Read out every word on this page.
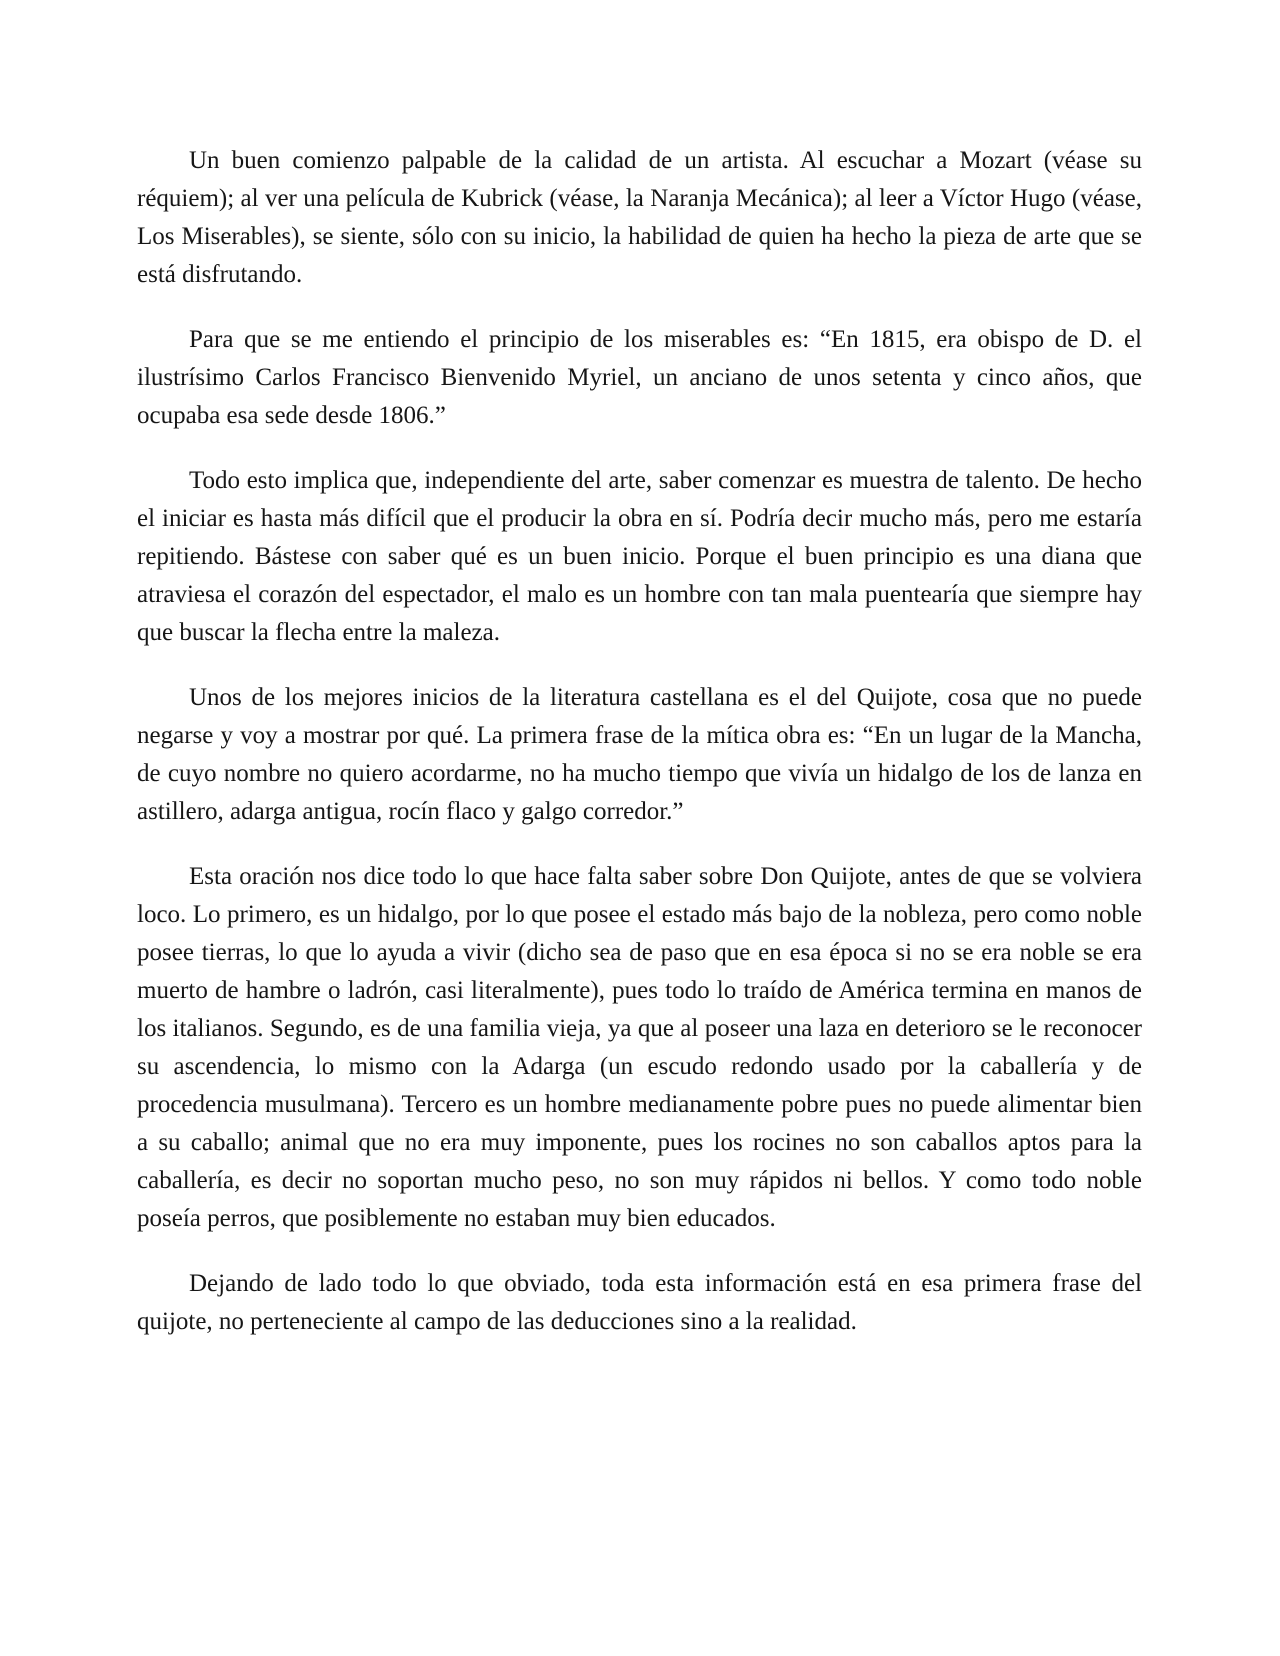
Un buen comienzo palpable de la calidad de un artista. Al escuchar a Mozart (véase su réquiem); al ver una película de Kubrick (véase, la Naranja Mecánica); al leer a Víctor Hugo (véase, Los Miserables), se siente, sólo con su inicio, la habilidad de quien ha hecho la pieza de arte que se está disfrutando.

Para que se me entiendo el principio de los miserables es: “En 1815, era obispo de D. el ilustrísimo Carlos Francisco Bienvenido Myriel, un anciano de unos setenta y cinco años, que ocupaba esa sede desde 1806.”

Todo esto implica que, independiente del arte, saber comenzar es muestra de talento. De hecho el iniciar es hasta más difícil que el producir la obra en sí. Podría decir mucho más, pero me estaría repitiendo. Bástese con saber qué es un buen inicio. Porque el buen principio es una diana que atraviesa el corazón del espectador, el malo es un hombre con tan mala puentearía que siempre hay que buscar la flecha entre la maleza.

Unos de los mejores inicios de la literatura castellana es el del Quijote, cosa que no puede negarse y voy a mostrar por qué. La primera frase de la mítica obra es: “En un lugar de la Mancha, de cuyo nombre no quiero acordarme, no ha mucho tiempo que vivía un hidalgo de los de lanza en astillero, adarga antigua, rocín flaco y galgo corredor.”

Esta oración nos dice todo lo que hace falta saber sobre Don Quijote, antes de que se volviera loco. Lo primero, es un hidalgo, por lo que posee el estado más bajo de la nobleza, pero como noble posee tierras, lo que lo ayuda a vivir (dicho sea de paso que en esa época si no se era noble se era muerto de hambre o ladrón, casi literalmente), pues todo lo traído de América termina en manos de los italianos. Segundo, es de una familia vieja, ya que al poseer una laza en deterioro se le reconocer su ascendencia, lo mismo con la Adarga (un escudo redondo usado por la caballería y de procedencia musulmana). Tercero es un hombre medianamente pobre pues no puede alimentar bien a su caballo; animal que no era muy imponente, pues los rocines no son caballos aptos para la caballería, es decir no soportan mucho peso, no son muy rápidos ni bellos. Y como todo noble poseía perros, que posiblemente no estaban muy bien educados.

Dejando de lado todo lo que obviado, toda esta información está en esa primera frase del quijote, no perteneciente al campo de las deducciones sino a la realidad.
